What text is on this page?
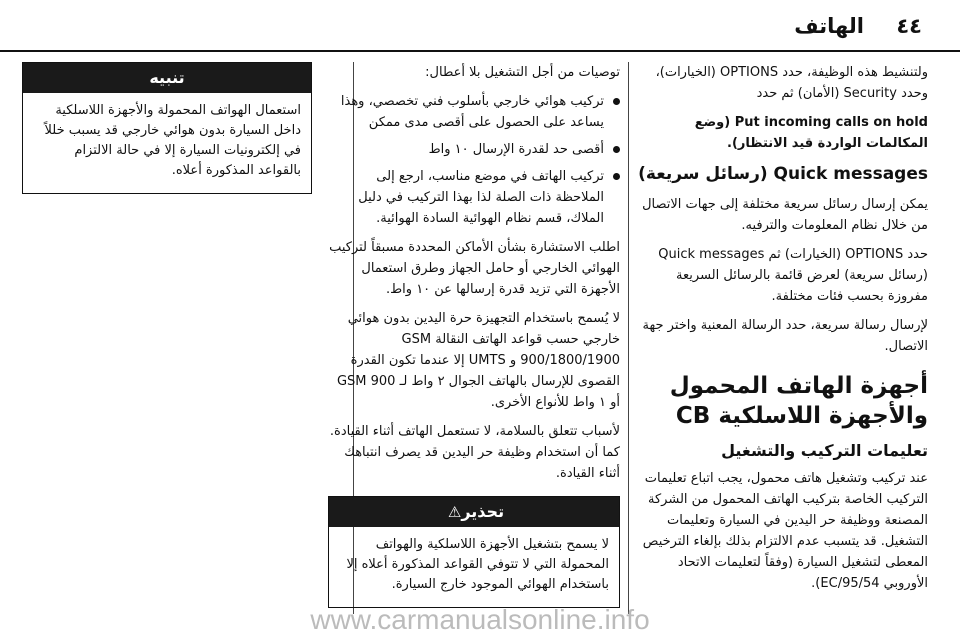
٤٤
الهاتف

ولتنشيط هذه الوظيفة، حدد OPTIONS (الخيارات)، وحدد Security (الأمان) ثم حدد

Put incoming calls on hold (وضع المكالمات الواردة قيد الانتظار).

Quick messages (رسائل سريعة)

يمكن إرسال رسائل سريعة مختلفة إلى جهات الاتصال من خلال نظام المعلومات والترفيه.

حدد OPTIONS (الخيارات) ثم Quick messages (رسائل سريعة) لعرض قائمة بالرسائل السريعة مفروزة بحسب فئات مختلفة.

لإرسال رسالة سريعة، حدد الرسالة المعنية واختر جهة الاتصال.

أجهزة الهاتف المحمول والأجهزة اللاسلكية CB
تعليمات التركيب والتشغيل

عند تركيب وتشغيل هاتف محمول، يجب اتباع تعليمات التركيب الخاصة بتركيب الهاتف المحمول من الشركة المصنعة ووظيفة حر اليدين في السيارة وتعليمات التشغيل. قد يتسبب عدم الالتزام بذلك بإلغاء الترخيص المعطى لتشغيل السيارة (وفقاً لتعليمات الاتحاد الأوروبي 95/54/EC).

توصيات من أجل التشغيل بلا أعطال:

تركيب هوائي خارجي بأسلوب فني تخصصي، وهذا يساعد على الحصول على أقصى مدى ممكن
أقصى حد لقدرة الإرسال ١٠ واط
تركيب الهاتف في موضع مناسب، ارجع إلى الملاحظة ذات الصلة لذا بهذا التركيب في دليل الملاك، قسم نظام الهوائية السادة الهوائية.

اطلب الاستشارة بشأن الأماكن المحددة مسبقاً لتركيب الهوائي الخارجي أو حامل الجهاز وطرق استعمال الأجهزة التي تزيد قدرة إرسالها عن ١٠ واط.

لا يُسمح باستخدام التجهيزة حرة اليدين بدون هوائي خارجي حسب قواعد الهاتف النقالة GSM 900/1800/1900 و UMTS إلا عندما تكون القدرة القصوى للإرسال بالهاتف الجوال ٢ واط لـ GSM 900 أو ١ واط للأنواع الأخرى.

لأسباب تتعلق بالسلامة، لا تستعمل الهاتف أثناء القيادة. كما أن استخدام وظيفة حر اليدين قد يصرف انتباهك أثناء القيادة.

تحذير⚠

لا يسمح بتشغيل الأجهزة اللاسلكية والهواتف المحمولة التي لا تتوفي القواعد المذكورة أعلاه إلا باستخدام الهوائي الموجود خارج السيارة.

تنبيه

استعمال الهواتف المحمولة والأجهزة اللاسلكية داخل السيارة بدون هوائي خارجي قد يسبب خللاً في إلكترونيات السيارة إلا في حالة الالتزام بالقواعد المذكورة أعلاه.

www.carmanualsonline.info
